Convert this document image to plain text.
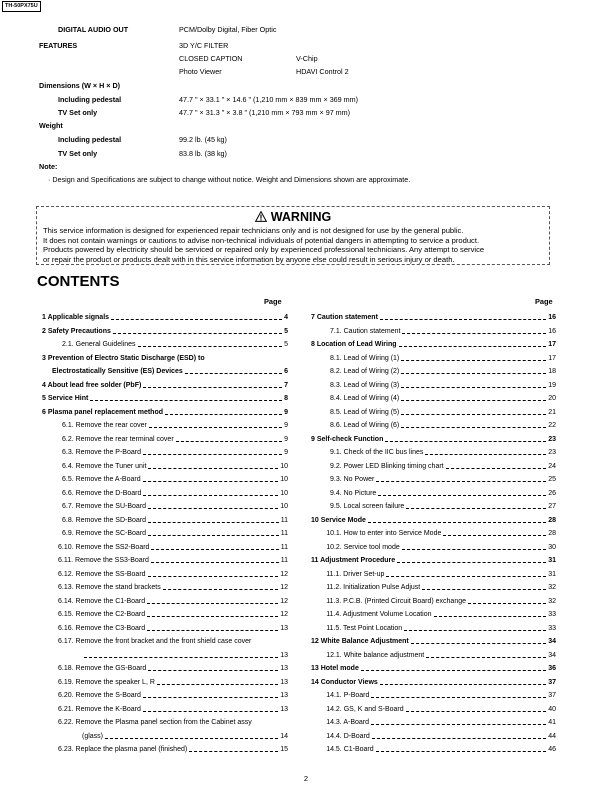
TH-50PX75U
DIGITAL AUDIO OUT	PCM/Dolby Digital, Fiber Optic
FEATURES	3D Y/C FILTER
CLOSED CAPTION	V-Chip
Photo Viewer	HDAVI Control 2
Dimensions (W × H × D)
Including pedestal	47.7 " × 33.1 " × 14.6 " (1,210 mm × 839 mm × 369 mm)
TV Set only	47.7 " × 31.3 " × 3.8 " (1,210 mm × 793 mm × 97 mm)
Weight
Including pedestal	99.2 lb. (45 kg)
TV Set only	83.8 lb. (38 kg)
Note:
· Design and Specifications are subject to change without notice. Weight and Dimensions shown are approximate.
WARNING
This service information is designed for experienced repair technicians only and is not designed for use by the general public.
It does not contain warnings or cautions to advise non-technical individuals of potential dangers in attempting to service a product.
Products powered by electricity should be serviced or repaired only by experienced professional technicians. Any attempt to service
or repair the product or products dealt with in this service information by anyone else could result in serious injury or death.
CONTENTS
Page	Page
1 Applicable signals	4
2 Safety Precautions	5
2.1. General Guidelines	5
3 Prevention of Electro Static Discharge (ESD) to
Electrostatically Sensitive (ES) Devices	6
4 About lead free solder (PbF)	7
5 Service Hint	8
6 Plasma panel replacement method	9
6.1. Remove the rear cover	9
6.2. Remove the rear terminal cover	9
6.3. Remove the P-Board	9
6.4. Remove the Tuner unit	10
6.5. Remove the A-Board	10
6.6. Remove the D-Board	10
6.7. Remove the SU-Board	10
6.8. Remove the SD-Board	11
6.9. Remove the SC-Board	11
6.10. Remove the SS2-Board	11
6.11. Remove the SS3-Board	11
6.12. Remove the SS-Board	12
6.13. Remove the stand brackets	12
6.14. Remove the C1-Board	12
6.15. Remove the C2-Board	12
6.16. Remove the C3-Board	13
6.17. Remove the front bracket and the front shield case cover
13
6.18. Remove the GS-Board	13
6.19. Remove the speaker L, R	13
6.20. Remove the S-Board	13
6.21. Remove the K-Board	13
6.22. Remove the Plasma panel section from the Cabinet assy
(glass)	14
6.23. Replace the plasma panel (finished)	15
7 Caution statement	16
7.1. Caution statement	16
8 Location of Lead Wiring	17
8.1. Lead of Wiring (1)	17
8.2. Lead of Wiring (2)	18
8.3. Lead of Wiring (3)	19
8.4. Lead of Wiring (4)	20
8.5. Lead of Wiring (5)	21
8.6. Lead of Wiring (6)	22
9 Self-check Function	23
9.1. Check of the IIC bus lines	23
9.2. Power LED Blinking timing chart	24
9.3. No Power	25
9.4. No Picture	26
9.5. Local screen failure	27
10 Service Mode	28
10.1. How to enter into Service Mode	28
10.2. Service tool mode	30
11 Adjustment Procedure	31
11.1. Driver Set-up	31
11.2. Initialization Pulse Adjust	32
11.3. P.C.B. (Printed Circuit Board) exchange	32
11.4. Adjustment Volume Location	33
11.5. Test Point Location	33
12 White Balance Adjustment	34
12.1. White balance adjustment	34
13 Hotel mode	36
14 Conductor Views	37
14.1. P-Board	37
14.2. GS, K and S-Board	40
14.3. A-Board	41
14.4. D-Board	44
14.5. C1-Board	46
2
